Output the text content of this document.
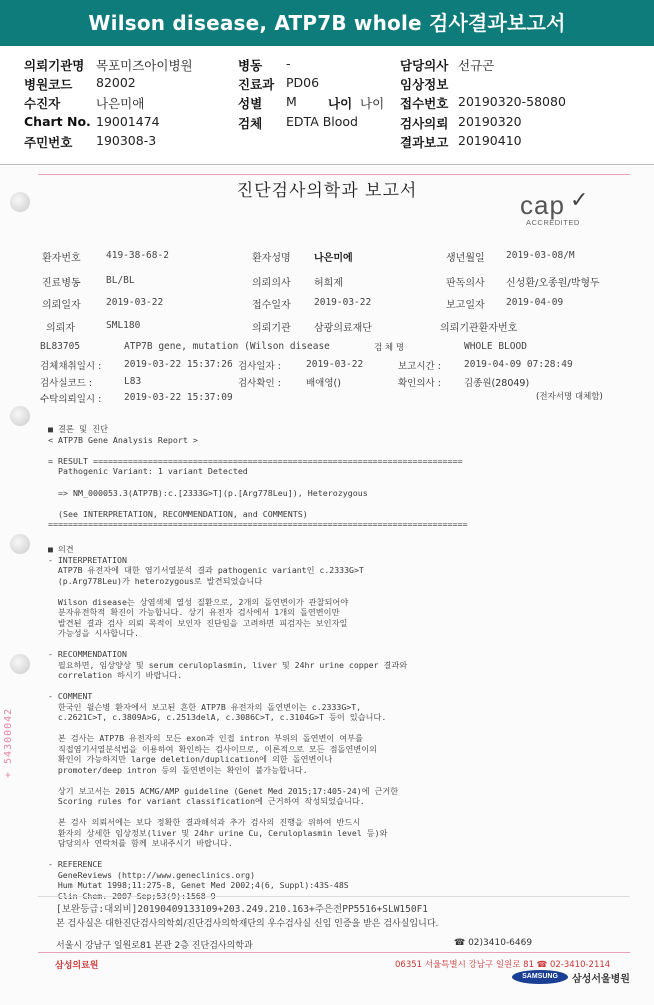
Wilson disease, ATP7B whole 검사결과보고서
의뢰기관명 목포미즈아이병원	병동 -	담당의사 선규곤
병원코드 82002	진료과 PD06	임상정보
수진자	나은미애	성별 M 나이 나이 접수번호 20190320-58080
Chart No. 19001474	검체 EDTA Blood	검사의뢰 20190320
주민번호 190308-3	결과보고 20190410
진단검사의학과 보고서	cap ✓
ACCREDITED
환자번호	419-38-68-2	환자성명 나은미에	생년월일 2019-03-08/M
진료병동	BL/BL	의뢰의사 허희제	판독의사 신성환/오종원/박형두
의뢰일자	2019-03-22	접수일자 2019-03-22	보고일자 2019-04-09
의뢰자	SML180	의뢰기관 삼광의료재단	의뢰기관환자번호
BL83705	ATP7B gene, mutation (Wilson disease	검 체 명	WHOLE BLOOD
검체채취일시 : 2019-03-22 15:37:26 검사일자 :	2019-03-22	보고시간 : 2019-04-09 07:28:49
검사실코드 :	L83	검사확인 :	배애영()	확인의사 : 김종원(28049)
수탁의뢰일시 : 2019-03-22 15:37:09	(전자서명 대체함)
■ 결론 및 진단
< ATP7B Gene Analysis Report >

= RESULT ==========================================================================
Pathogenic Variant: 1 variant Detected

=> NM_000053.3(ATP7B):c.[2333G>T](p.[Arg778Leu]), Heterozygous

(See INTERPRETATION, RECOMMENDATION, and COMMENTS)
====================================================================================
■ 의견
- INTERPRETATION
ATP7B 유전자에 대한 염기서열분석 결과 pathogenic variant인 c.2333G>T
(p.Arg778Leu)가 heterozygous로 발견되었습니다

Wilson disease는 상염색체 열성 질환으로, 2개의 돌연변이가 관찰되어야
분자유전학적 확진이 가능합니다. 상기 유전자 검사에서 1개의 돌연변이만
발견된 결과 검사 의뢰 목적이 보인자 진단임을 고려하면 피검자는 보인자일
가능성을 시사합니다.

- RECOMMENDATION
필요하면, 임상양상 및 serum ceruloplasmin, liver 및 24hr urine copper 결과와
correlation 하시기 바랍니다.

- COMMENT
한국인 윌슨병 환자에서 보고된 흔한 ATP7B 유전자의 돌연변이는 c.2333G>T,
c.2621C>T, c.3809A>G, c.2513delA, c.3086C>T, c.3104G>T 등이 있습니다.

본 검사는 ATP7B 유전자의 모든 exon과 인접 intron 부위의 돌연변이 여부를
직접염기서열분석법을 이용하여 확인하는 검사이므로, 이론적으로 모든 점돌연변이의
확인이 가능하지만 large deletion/duplication에 의한 돌연변이나
promoter/deep intron 등의 돌연변이는 확인이 불가능합니다.

상기 보고서는 2015 ACMG/AMP guideline (Genet Med 2015;17:405-24)에 근거한
Scoring rules for variant classification에 근거하여 작성되었습니다.

본 검사 의뢰서에는 보다 정확한 결과해석과 추가 검사의 진행을 위하여 반드시
환자의 상세한 임상정보(liver 및 24hr urine Cu, Ceruloplasmin level 등)와
담당의사 연락처를 함께 보내주시기 바랍니다.

- REFERENCE
GeneReviews (http://www.geneclinics.org)
Hum Mutat 1998;11:275-8, Genet Med 2002;4(6, Suppl):43S-48S
Clin Chem. 2007 Sep;53(9):1568-9
+ 54300042
[보완등급:대외비]20190409133109+203.249.210.163+주은전PP5516+SLW150F1
본 검사실은 대한진단검사의학회/진단검사의학재단의 우수검사실 신임 인증을 받은 검사실입니다.
서울시 강남구 일원로81 본관 2층 진단검사의학과	☎ 02)3410-6469
삼성의료원	06351 서울특별시 강남구 일원로 81 ☎ 02-3410-2114
SAMSUNG	삼성서울병원
